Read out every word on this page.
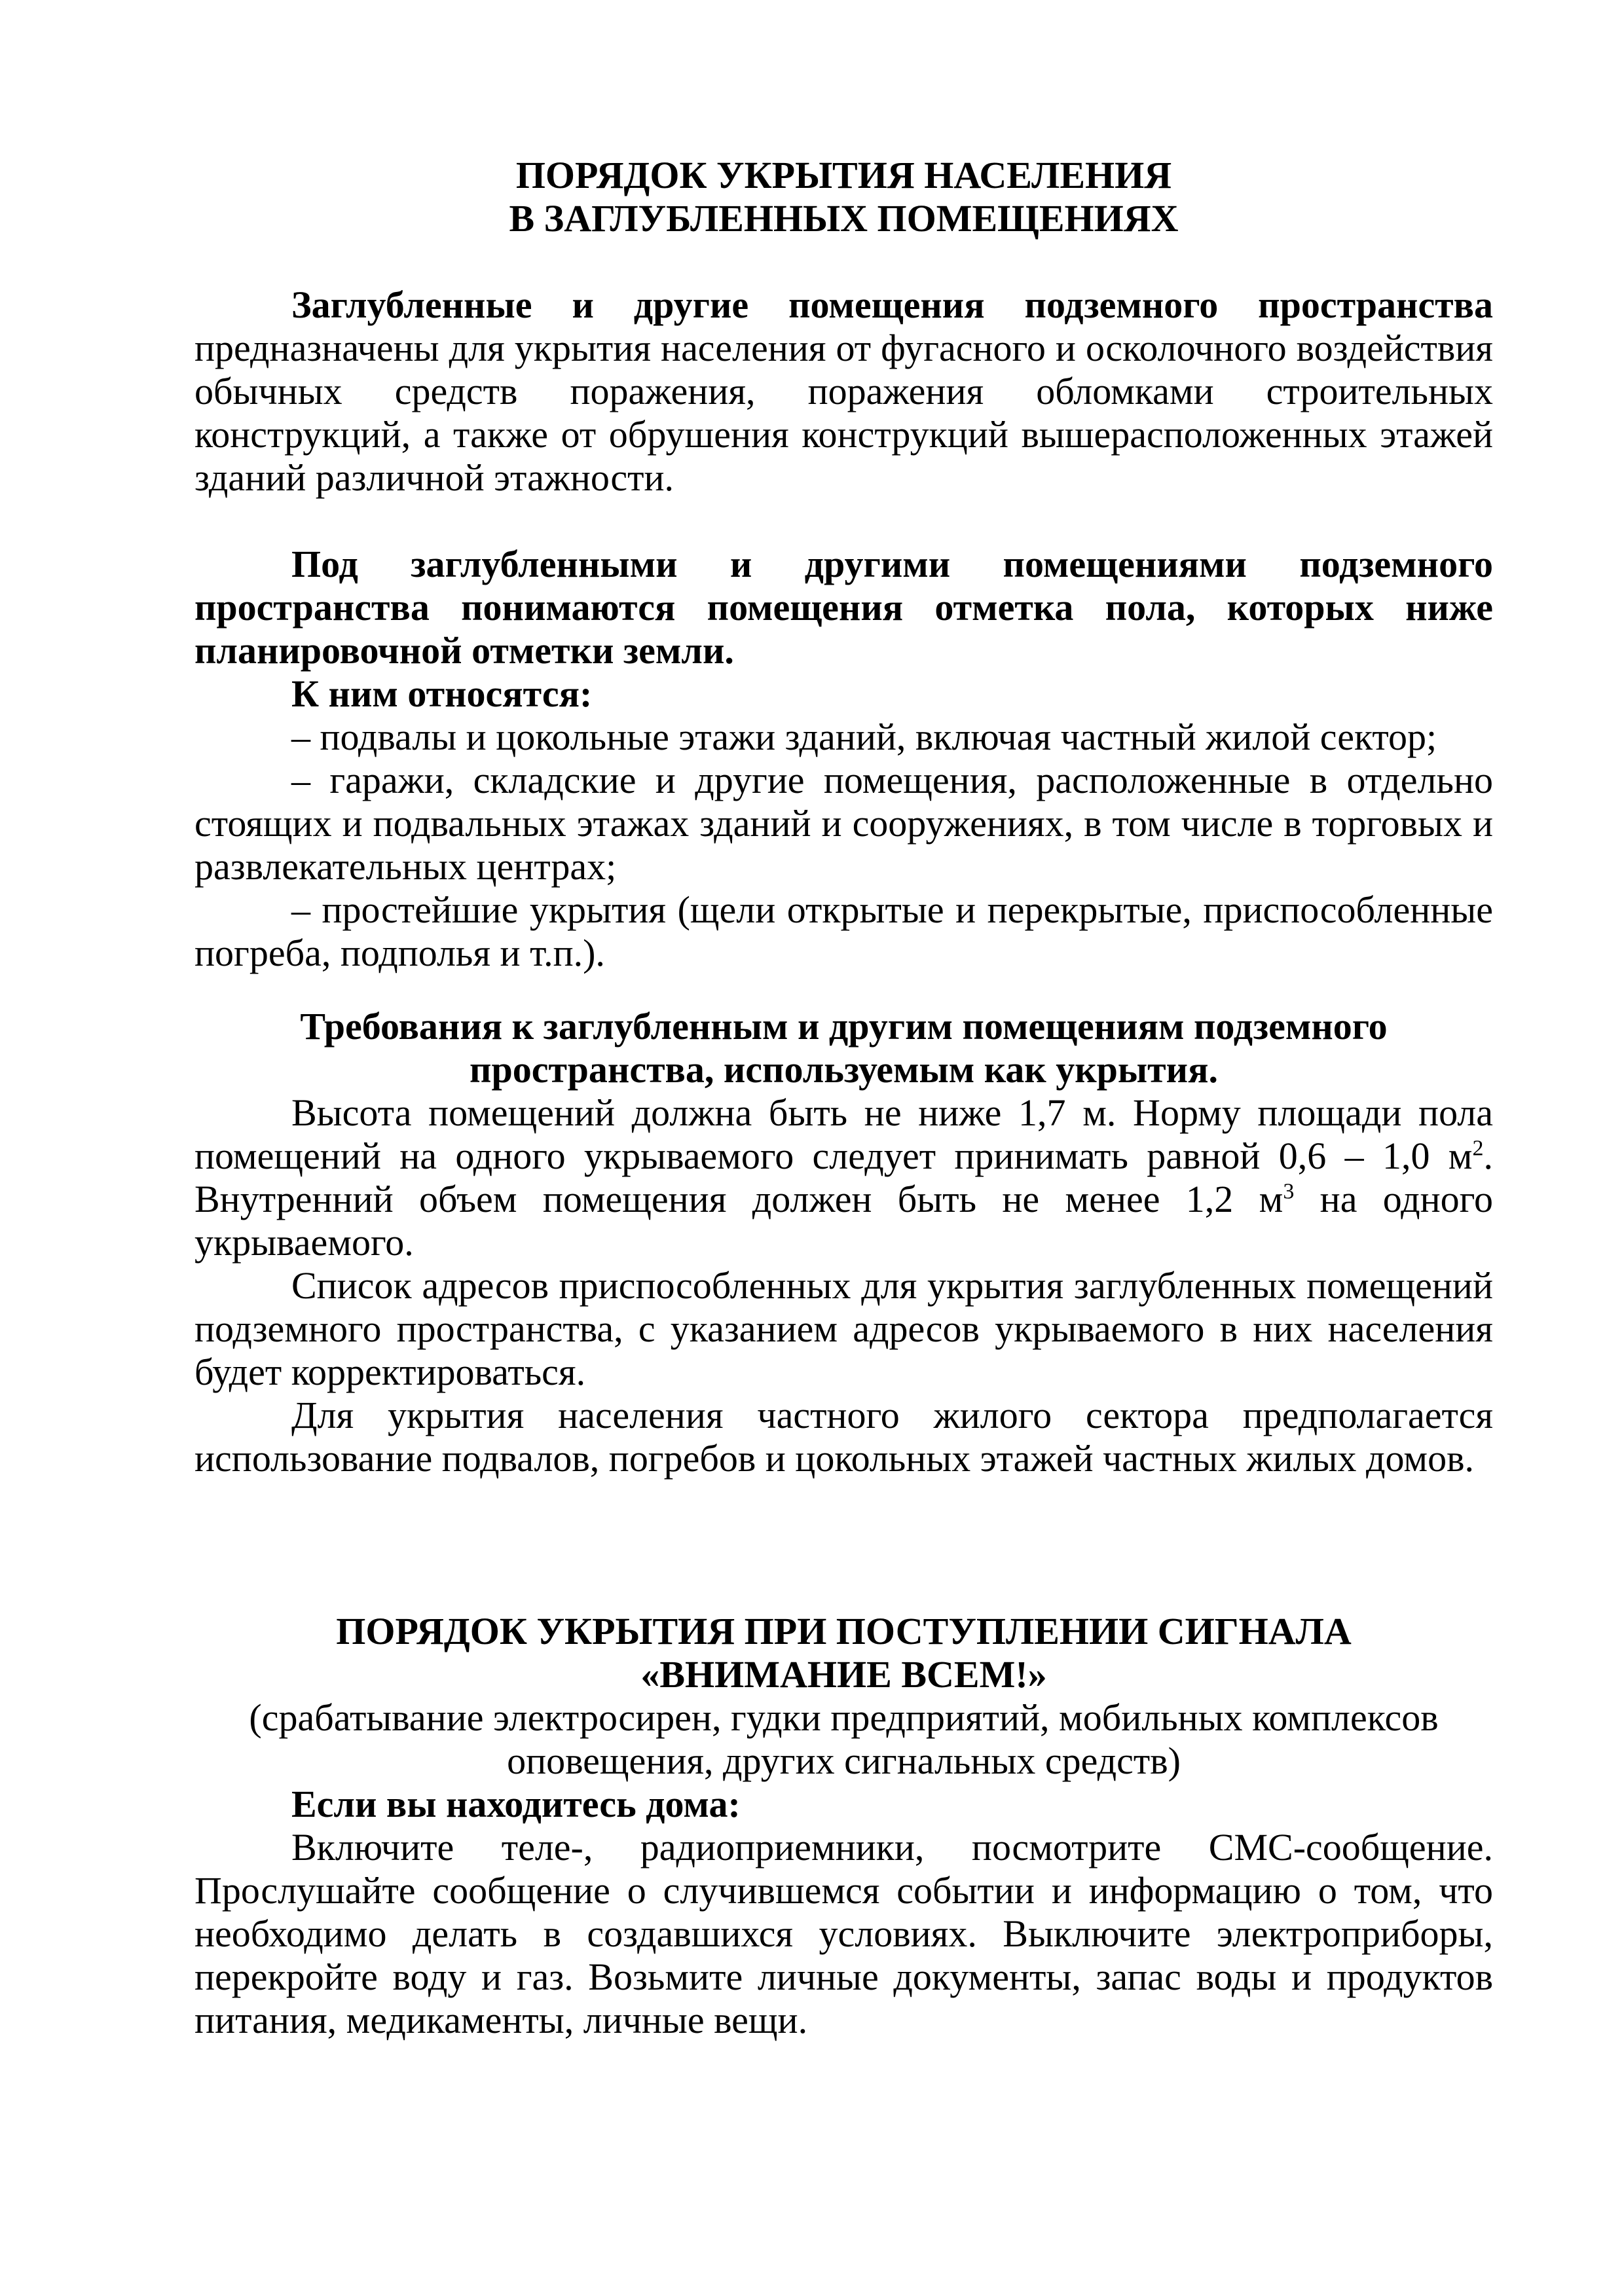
ПОРЯДОК УКРЫТИЯ НАСЕЛЕНИЯ

В ЗАГЛУБЛЕННЫХ ПОМЕЩЕНИЯХ

Заглубленные и другие помещения подземного пространства предназначены для укрытия населения от фугасного и осколочного воздействия обычных средств поражения, поражения обломками строительных конструкций, а также от обрушения конструкций вышерасположенных этажей зданий различной этажности.

Под заглубленными и другими помещениями подземного пространства понимаются помещения отметка пола, которых ниже планировочной отметки земли.

К ним относятся:

– подвалы и цокольные этажи зданий, включая частный жилой сектор;

– гаражи, складские и другие помещения, расположенные в отдельно стоящих и подвальных этажах зданий и сооружениях, в том числе в торговых и развлекательных центрах;

– простейшие укрытия (щели открытые и перекрытые, приспособленные погреба, подполья и т.п.).

Требования к заглубленным и другим помещениям подземного

пространства, используемым как укрытия.

Высота помещений должна быть не ниже 1,7 м. Норму площади пола помещений на одного укрываемого следует принимать равной 0,6 – 1,0 $м^2$. Внутренний объем помещения должен быть не менее 1,2 $м^3$ на одного укрываемого.

Список адресов приспособленных для укрытия заглубленных помещений подземного пространства, с указанием адресов укрываемого в них населения будет корректироваться.

Для укрытия населения частного жилого сектора предполагается использование подвалов, погребов и цокольных этажей частных жилых домов.

ПОРЯДОК УКРЫТИЯ ПРИ ПОСТУПЛЕНИИ СИГНАЛА

«ВНИМАНИЕ ВСЕМ!»

(срабатывание электросирен, гудки предприятий, мобильных комплексов

оповещения, других сигнальных средств)

Если вы находитесь дома:

Включите теле-, радиоприемники, посмотрите СМС-сообщение. Прослушайте сообщение о случившемся событии и информацию о том, что необходимо делать в создавшихся условиях. Выключите электроприборы, перекройте воду и газ. Возьмите личные документы, запас воды и продуктов питания, медикаменты, личные вещи.
